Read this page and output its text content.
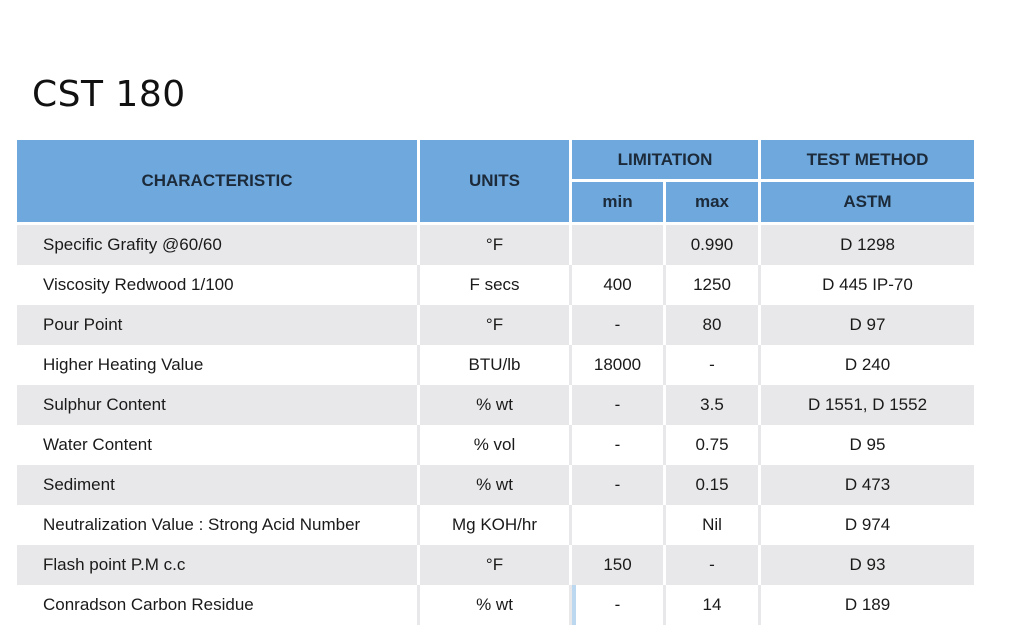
CST 180
CHARACTERISTIC	UNITS	LIMITATION		TEST METHOD
		min	max	ASTM
Specific Grafity @60/60	°F		0.990	D 1298
Viscosity Redwood 1/100	F secs	400	1250	D 445 IP-70
Pour Point	°F	-	80	D 97
Higher Heating Value	BTU/lb	18000	-	D 240
Sulphur Content	% wt	-	3.5	D 1551, D 1552
Water Content	% vol	-	0.75	D 95
Sediment	% wt	-	0.15	D 473
Neutralization Value : Strong Acid Number	Mg KOH/hr		Nil	D 974
Flash point P.M c.c	°F	150	-	D 93
Conradson Carbon Residue	% wt	-	14	D 189
